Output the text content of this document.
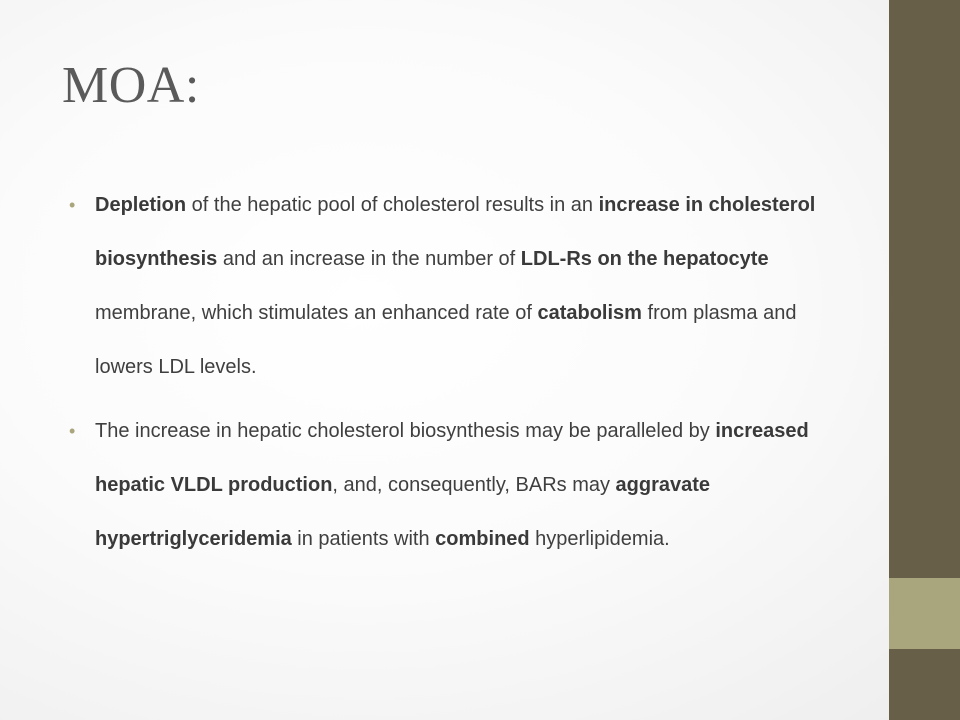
MOA:
• Depletion of the hepatic pool of cholesterol results in an increase in cholesterol biosynthesis and an increase in the number of LDL-Rs on the hepatocyte membrane, which stimulates an enhanced rate of catabolism from plasma and lowers LDL levels.
• The increase in hepatic cholesterol biosynthesis may be paralleled by increased hepatic VLDL production, and, consequently, BARs may aggravate hypertriglyceridemia in patients with combined hyperlipidemia.
